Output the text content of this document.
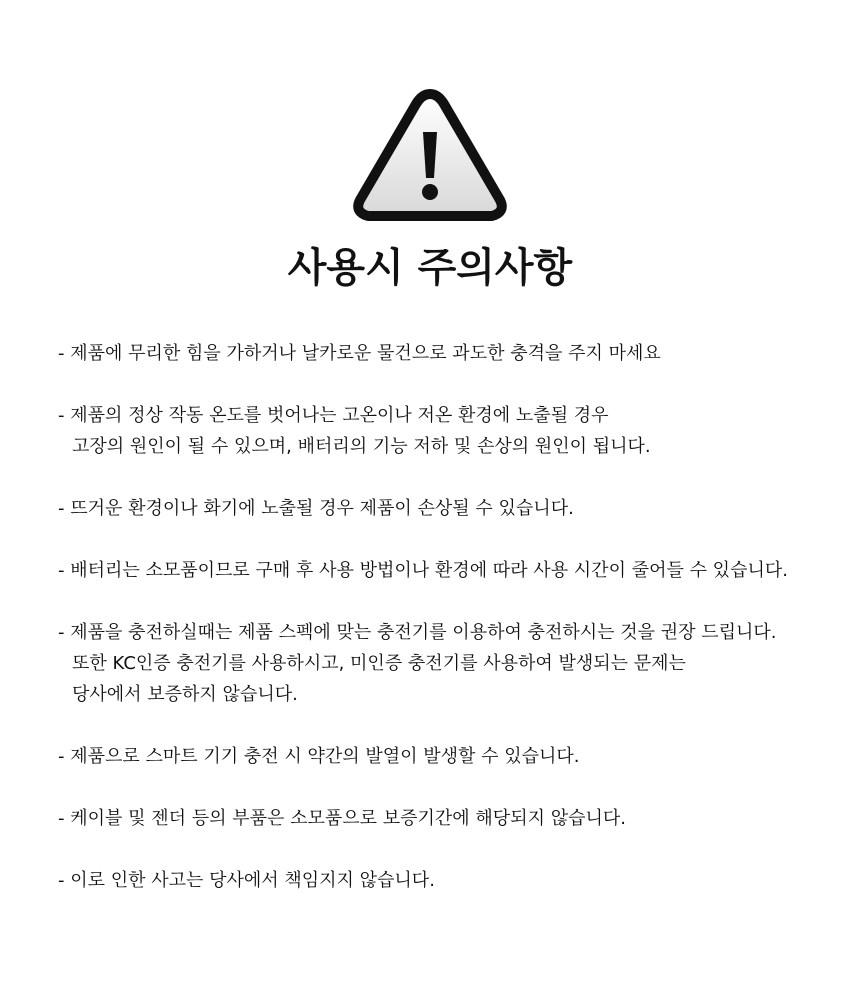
사용시 주의사항
- 제품에 무리한 힘을 가하거나 날카로운 물건으로 과도한 충격을 주지 마세요
- 제품의 정상 작동 온도를 벗어나는 고온이나 저온 환경에 노출될 경우
고장의 원인이 될 수 있으며, 배터리의 기능 저하 및 손상의 원인이 됩니다.
- 뜨거운 환경이나 화기에 노출될 경우 제품이 손상될 수 있습니다.
- 배터리는 소모품이므로 구매 후 사용 방법이나 환경에 따라 사용 시간이 줄어들 수 있습니다.
- 제품을 충전하실때는 제품 스펙에 맞는 충전기를 이용하여 충전하시는 것을 권장 드립니다.
또한 KC인증 충전기를 사용하시고, 미인증 충전기를 사용하여 발생되는 문제는
당사에서 보증하지 않습니다.
- 제품으로 스마트 기기 충전 시 약간의 발열이 발생할 수 있습니다.
- 케이블 및 젠더 등의 부품은 소모품으로 보증기간에 해당되지 않습니다.
- 이로 인한 사고는 당사에서 책임지지 않습니다.
